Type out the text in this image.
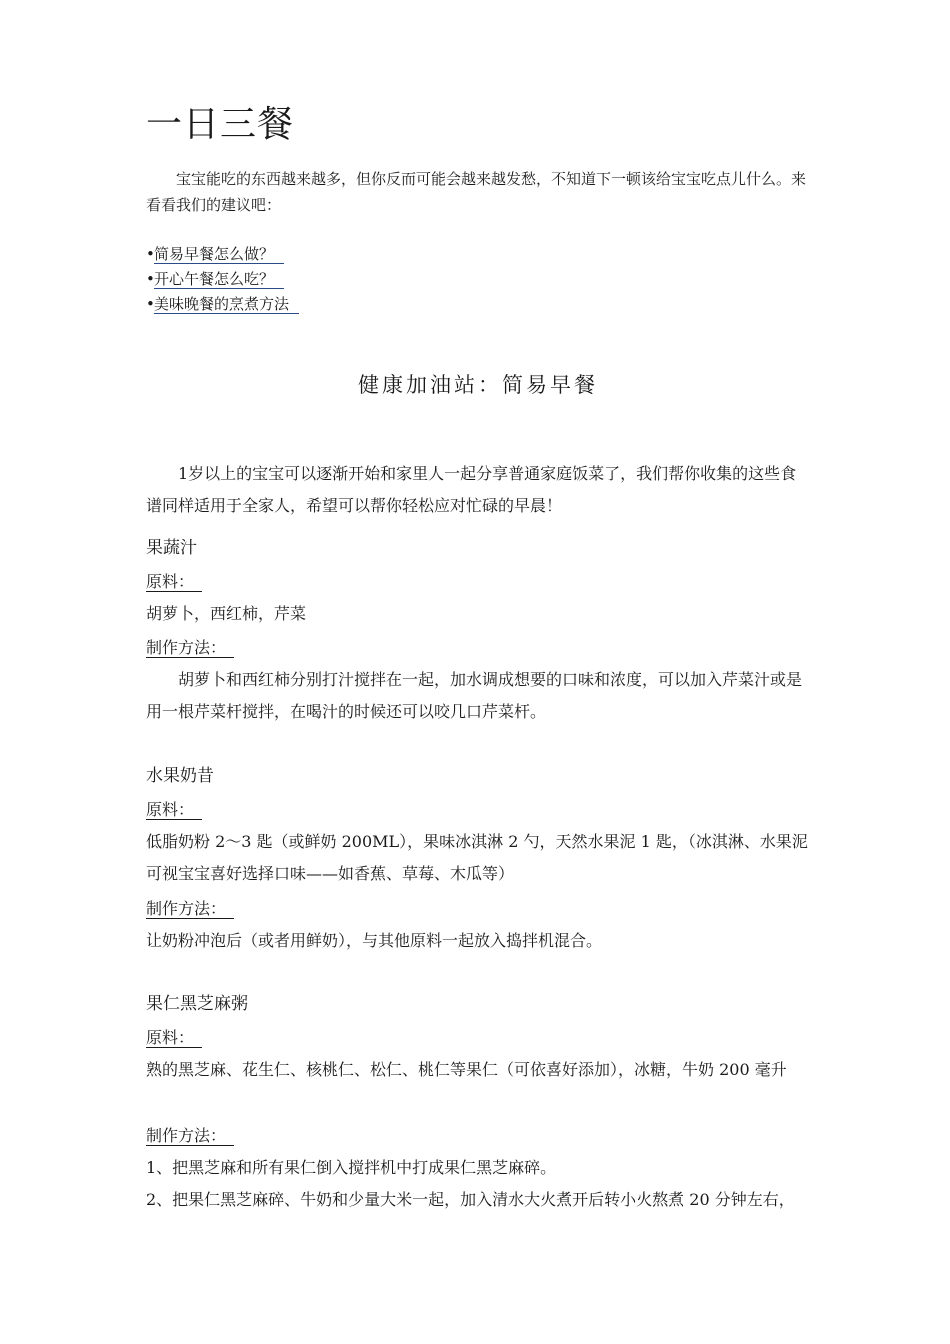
一日三餐

宝宝能吃的东西越来越多，但你反而可能会越来越发愁，不知道下一顿该给宝宝吃点儿什么。来看看我们的建议吧：

•简易早餐怎么做？
•开心午餐怎么吃？
•美味晚餐的烹煮方法
健康加油站：简易早餐

1岁以上的宝宝可以逐渐开始和家里人一起分享普通家庭饭菜了，我们帮你收集的这些食谱同样适用于全家人，希望可以帮你轻松应对忙碌的早晨！

果蔬汁
原料：

胡萝卜，西红柿，芹菜

制作方法：

胡萝卜和西红柿分别打汁搅拌在一起，加水调成想要的口味和浓度，可以加入芹菜汁或是用一根芹菜杆搅拌，在喝汁的时候还可以咬几口芹菜杆。

水果奶昔
原料：

低脂奶粉 2～3 匙（或鲜奶 200ML），果味冰淇淋 2 勺，天然水果泥 1 匙，（冰淇淋、水果泥可视宝宝喜好选择口味——如香蕉、草莓、木瓜等）

制作方法：

让奶粉冲泡后（或者用鲜奶），与其他原料一起放入捣拌机混合。

果仁黑芝麻粥
原料：

熟的黑芝麻、花生仁、核桃仁、松仁、桃仁等果仁（可依喜好添加），冰糖，牛奶 200 毫升

制作方法：

1、把黑芝麻和所有果仁倒入搅拌机中打成果仁黑芝麻碎。

2、把果仁黑芝麻碎、牛奶和少量大米一起，加入清水大火煮开后转小火熬煮 20 分钟左右，
